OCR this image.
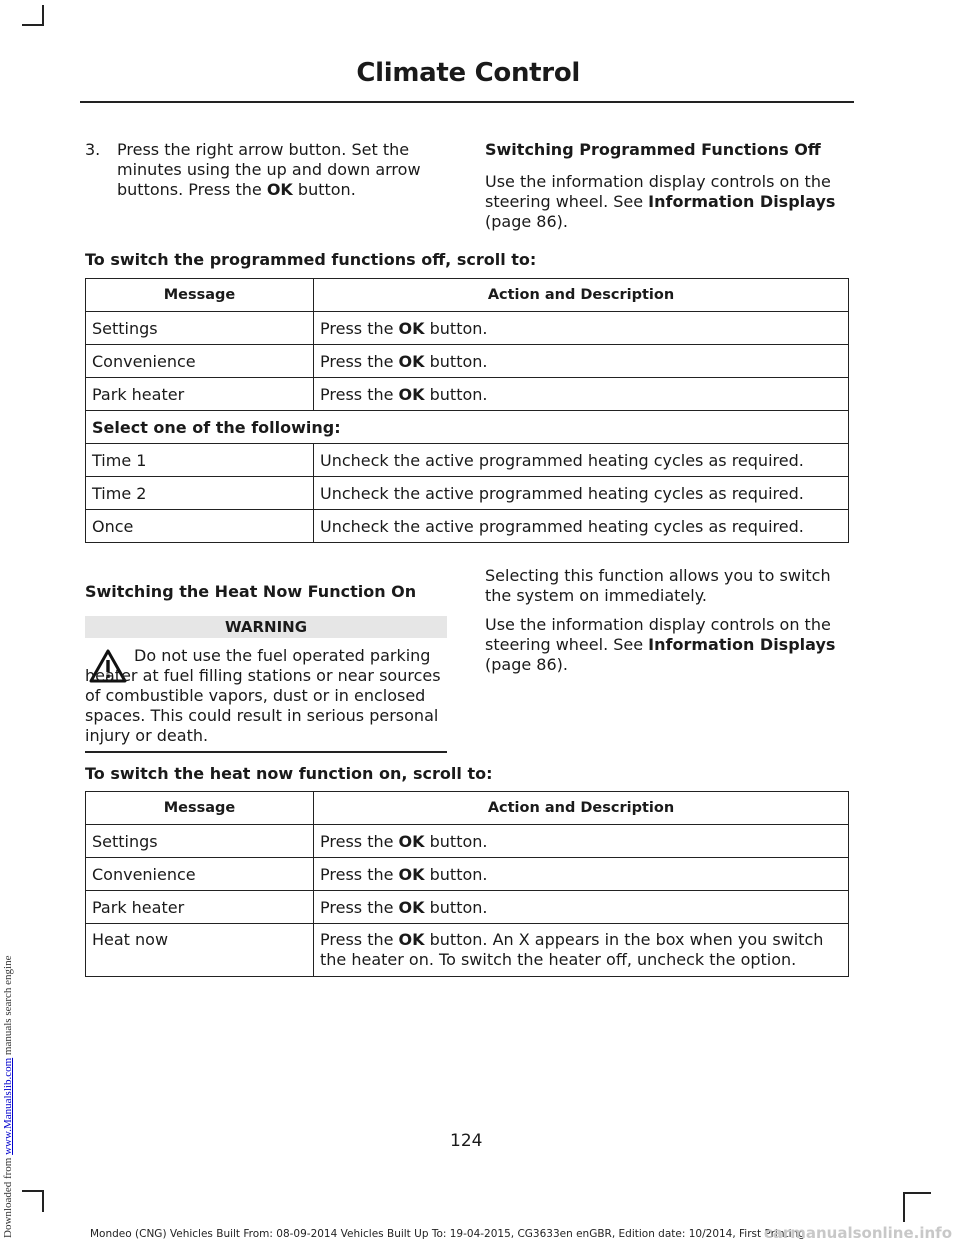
Downloaded from www.Manualslib.com manuals search engine
Climate Control
3.	Press the right arrow button. Set the minutes using the up and down arrow buttons. Press the OK button.

Switching Programmed Functions Off

Use the information display controls on the steering wheel. See Information Displays (page 86).

To switch the programmed functions off, scroll to:
Message	Action and Description
Settings	Press the OK button.
Convenience	Press the OK button.
Park heater	Press the OK button.
Select one of the following:	
Time 1	Uncheck the active programmed heating cycles as required.
Time 2	Uncheck the active programmed heating cycles as required.
Once	Uncheck the active programmed heating cycles as required.
Switching the Heat Now Function On
WARNING

Do not use the fuel operated parking heater at fuel filling stations or near sources of combustible vapors, dust or in enclosed spaces. This could result in serious personal injury or death.

Selecting this function allows you to switch the system on immediately.

Use the information display controls on the steering wheel. See Information Displays (page 86).

To switch the heat now function on, scroll to:
Message	Action and Description
Settings	Press the OK button.
Convenience	Press the OK button.
Park heater	Press the OK button.
Heat now	Press the OK button. An X appears in the box when you switch the heater on. To switch the heater off, uncheck the option.
124
Mondeo (CNG) Vehicles Built From: 08-09-2014 Vehicles Built Up To: 19-04-2015, CG3633en enGBR, Edition date: 10/2014, First Printing
carmanualsonline.info
